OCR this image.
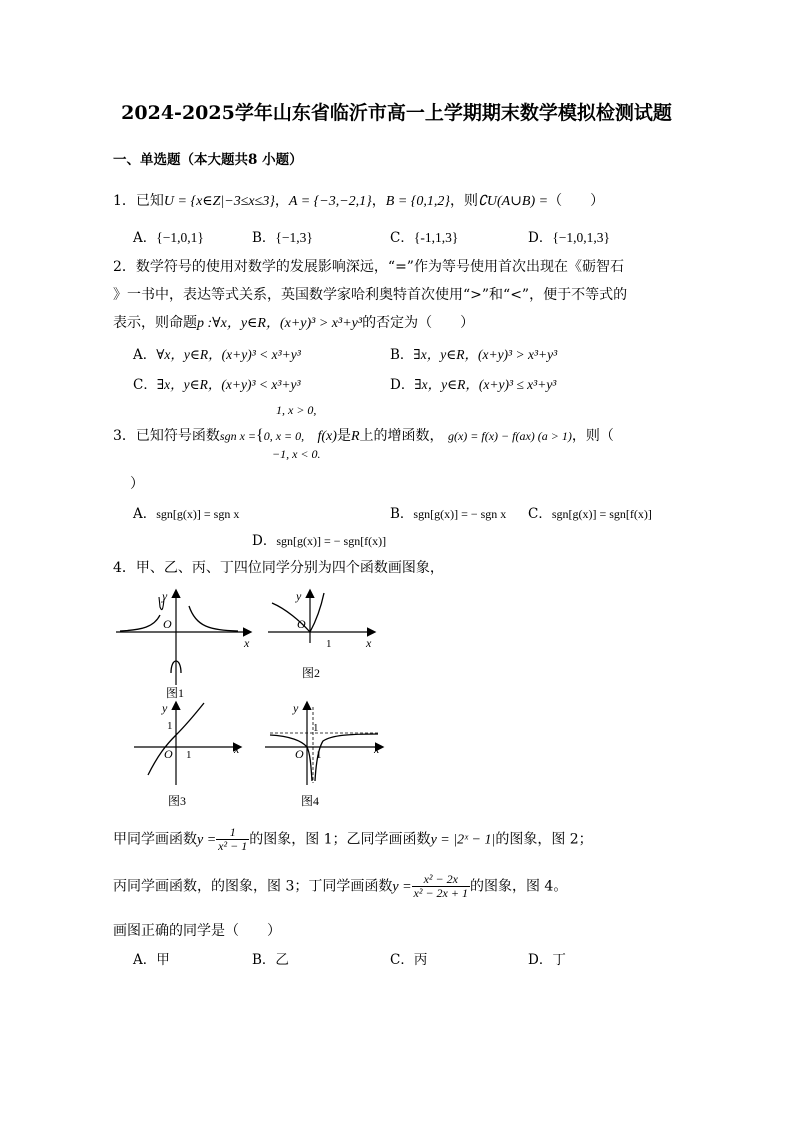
2024-2025学年山东省临沂市高一上学期期末数学模拟检测试题
一、单选题（本大题共8 小题）
1．已知U = {x∈Z|−3≤x≤3}，A = {−3,−2,1}，B = {0,1,2}，则∁U(A∪B) =（　　）
A．{−1,0,1}	B．{−1,3}	C．{-1,1,3}	D．{−1,0,1,3}
2．数学符号的使用对数学的发展影响深远，“=”作为等号使用首次出现在《砺智石
》一书中，表达等式关系，英国数学家哈利奥特首次使用“>”和“<”，便于不等式的
表示，则命题p :∀x，y∈R，(x+y)³ > x³+y³的否定为（　　）
A．∀x，y∈R，(x+y)³ < x³+y³	B．∃x，y∈R，(x+y)³ > x³+y³
C．∃x，y∈R，(x+y)³ < x³+y³	D．∃x，y∈R，(x+y)³ ≤ x³+y³
1, x > 0,
3．已知符号函数sgn x ={0, x = 0, f(x)是R上的增函数， g(x) = f(x) − f(ax) (a > 1)，则（
−1, x < 0.
）
A．sgn[g(x)] = sgn x	B．sgn[g(x)] = − sgn x C．sgn[g(x)] = sgn[f(x)]
D．sgn[g(x)] = − sgn[f(x)]
4．甲、乙、丙、丁四位同学分别为四个函数画图象，
y
x
O
图1
y
x
O
1
图2
y
x
O 1
1
图3
y
x
O 1
1
图4
甲同学画函数$y = \frac{1}{\text{x² − 1}}$ 的图象，图 1；乙同学画函数y = |2ˣ − 1|的图象，图 2；
丙同学画函数，的图象，图 3；丁同学画函数$y = \frac{\text{x² − 2x}}{\text{x² − 2x + 1}}$ 的图象，图 4。
画图正确的同学是（　　）
A．甲	B．乙	C．丙	D．丁
